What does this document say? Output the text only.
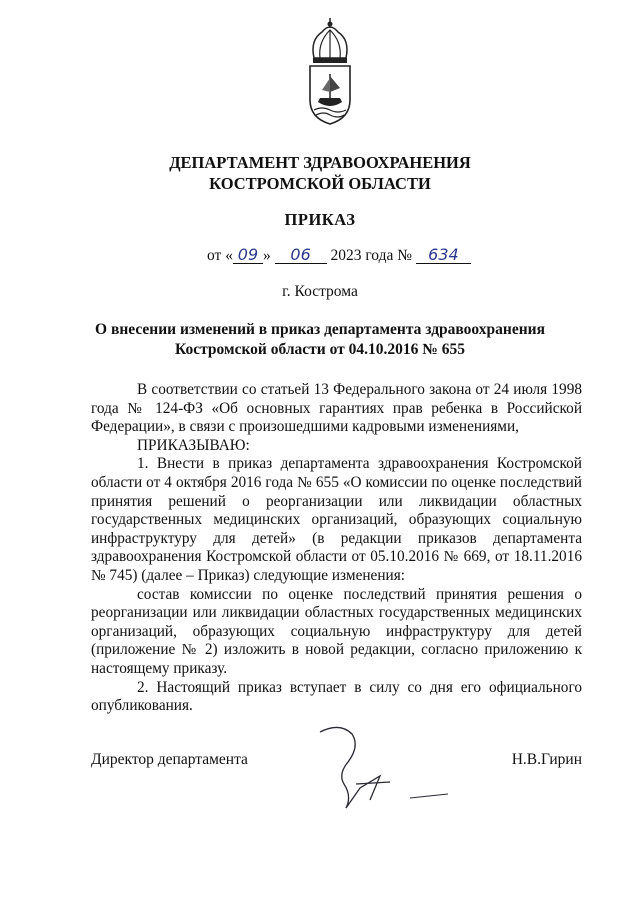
ДЕПАРТАМЕНТ ЗДРАВООХРАНЕНИЯ
КОСТРОМСКОЙ ОБЛАСТИ
ПРИКАЗ
от « 09 » 06 2023 года № 634
г. Кострома
О внесении изменений в приказ департамента здравоохранения
Костромской области от 04.10.2016 № 655

В соответствии со статьей 13 Федерального закона от 24 июля 1998 года № 124-ФЗ «Об основных гарантиях прав ребенка в Российской Федерации», в связи с произошедшими кадровыми изменениями,

ПРИКАЗЫВАЮ:

1. Внести в приказ департамента здравоохранения Костромской области от 4 октября 2016 года № 655 «О комиссии по оценке последствий принятия решений о реорганизации или ликвидации областных государственных медицинских организаций, образующих социальную инфраструктуру для детей» (в редакции приказов департамента здравоохранения Костромской области от 05.10.2016 № 669, от 18.11.2016 № 745) (далее – Приказ) следующие изменения:

состав комиссии по оценке последствий принятия решения о реорганизации или ликвидации областных государственных медицинских организаций, образующих социальную инфраструктуру для детей (приложение № 2) изложить в новой редакции, согласно приложению к настоящему приказу.

2. Настоящий приказ вступает в силу со дня его официального опубликования.

Директор департамента	Н.В.Гирин
